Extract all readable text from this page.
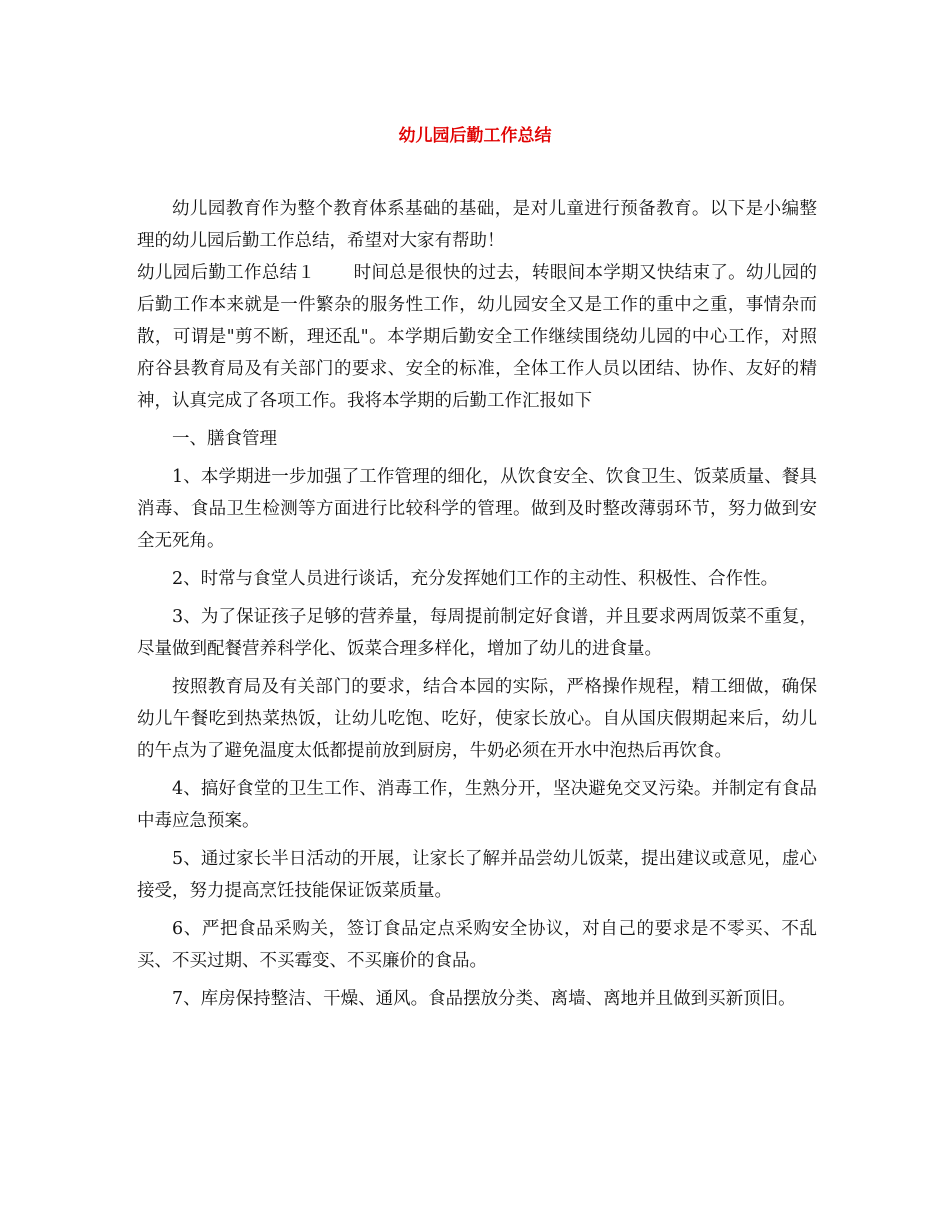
幼儿园后勤工作总结

幼儿园教育作为整个教育体系基础的基础，是对儿童进行预备教育。以下是小编整理的幼儿园后勤工作总结，希望对大家有帮助！

幼儿园后勤工作总结１ 时间总是很快的过去，转眼间本学期又快结束了。幼儿园的后勤工作本来就是一件繁杂的服务性工作，幼儿园安全又是工作的重中之重，事情杂而散，可谓是"剪不断，理还乱"。本学期后勤安全工作继续围绕幼儿园的中心工作，对照府谷县教育局及有关部门的要求、安全的标准，全体工作人员以团结、协作、友好的精神，认真完成了各项工作。我将本学期的后勤工作汇报如下

一、膳食管理

1、本学期进一步加强了工作管理的细化，从饮食安全、饮食卫生、饭菜质量、餐具消毒、食品卫生检测等方面进行比较科学的管理。做到及时整改薄弱环节，努力做到安全无死角。

2、时常与食堂人员进行谈话，充分发挥她们工作的主动性、积极性、合作性。

3、为了保证孩子足够的营养量，每周提前制定好食谱，并且要求两周饭菜不重复，尽量做到配餐营养科学化、饭菜合理多样化，增加了幼儿的进食量。

按照教育局及有关部门的要求，结合本园的实际，严格操作规程，精工细做，确保幼儿午餐吃到热菜热饭，让幼儿吃饱、吃好，使家长放心。自从国庆假期起来后，幼儿的午点为了避免温度太低都提前放到厨房，牛奶必须在开水中泡热后再饮食。

4、搞好食堂的卫生工作、消毒工作，生熟分开，坚决避免交叉污染。并制定有食品中毒应急预案。

5、通过家长半日活动的开展，让家长了解并品尝幼儿饭菜，提出建议或意见，虚心接受，努力提高烹饪技能保证饭菜质量。

6、严把食品采购关，签订食品定点采购安全协议，对自己的要求是不零买、不乱买、不买过期、不买霉变、不买廉价的食品。

7、库房保持整洁、干燥、通风。食品摆放分类、离墙、离地并且做到买新顶旧。
